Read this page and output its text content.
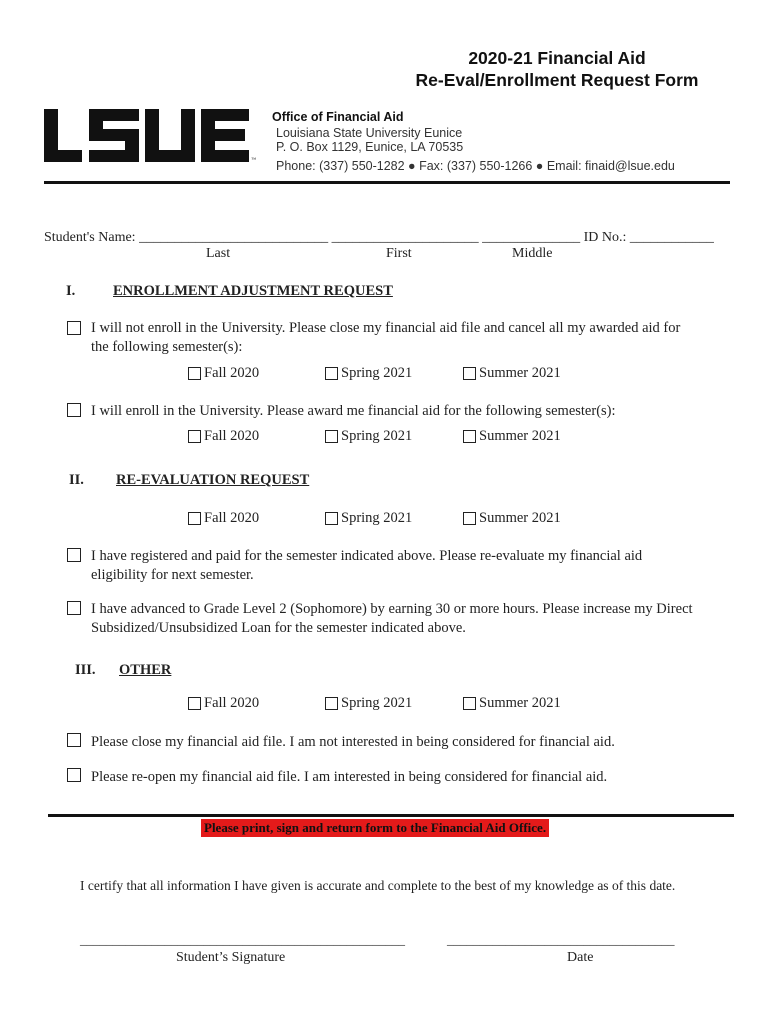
2020-21 Financial Aid
Re-Eval/Enrollment Request Form
™
Office of Financial Aid
Louisiana State University Eunice
P. O. Box 1129, Eunice, LA 70535
Phone: (337) 550-1282 ● Fax: (337) 550-1266 ● Email: finaid@lsue.edu
Student's Name: ___________________________ _____________________ ______________ ID No.: ____________
Last	First	Middle
I.	ENROLLMENT ADJUSTMENT REQUEST
I will not enroll in the University. Please close my financial aid file and cancel all my awarded aid for
the following semester(s):
Fall 2020	Spring 2021	Summer 2021
I will enroll in the University. Please award me financial aid for the following semester(s):
Fall 2020	Spring 2021	Summer 2021
II. RE-EVALUATION REQUEST
Fall 2020	Spring 2021	Summer 2021
I have registered and paid for the semester indicated above. Please re-evaluate my financial aid
eligibility for next semester.
I have advanced to Grade Level 2 (Sophomore) by earning 30 or more hours. Please increase my Direct
Subsidized/Unsubsidized Loan for the semester indicated above.
III. OTHER
Fall 2020	Spring 2021	Summer 2021
Please close my financial aid file. I am not interested in being considered for financial aid.
Please re-open my financial aid file. I am interested in being considered for financial aid.
Please print, sign and return form to the Financial Aid Office.
I certify that all information I have given is accurate and complete to the best of my knowledge as of this date.
__________________________________________________	___________________________________
Student’s Signature	Date
